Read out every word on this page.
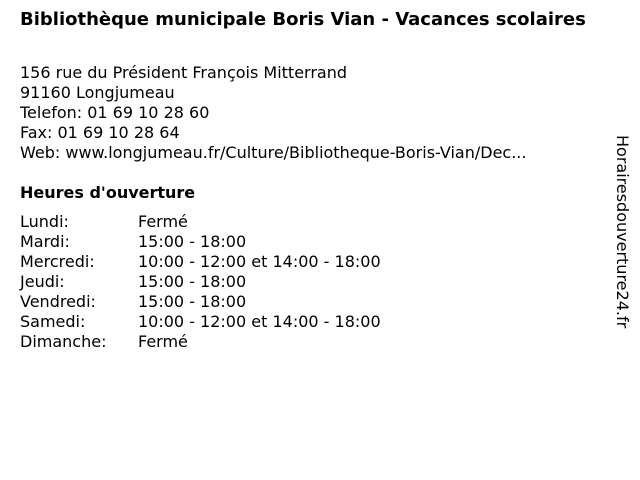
Bibliothèque municipale Boris Vian - Vacances scolaires
156 rue du Président François Mitterrand
91160 Longjumeau
Telefon: 01 69 10 28 60
Fax: 01 69 10 28 64
Web: www.longjumeau.fr/Culture/Bibliotheque-Boris-Vian/Dec...
Heures d'ouverture
Lundi:	Fermé
Mardi:	15:00 - 18:00
Mercredi:	10:00 - 12:00 et 14:00 - 18:00
Jeudi:	15:00 - 18:00
Vendredi:	15:00 - 18:00
Samedi:	10:00 - 12:00 et 14:00 - 18:00
Dimanche: Fermé
Horairesdouverture24.fr
